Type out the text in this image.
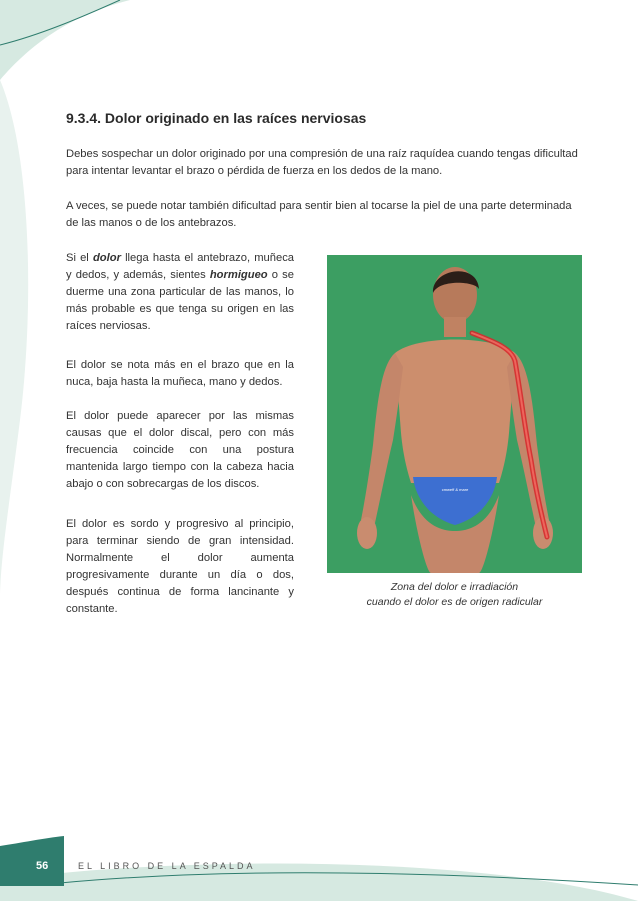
9.3.4. Dolor originado en las raíces nerviosas

Debes sospechar un dolor originado por una compresión de una raíz raquídea cuando tengas dificultad para intentar levantar el brazo o pérdida de fuerza en los dedos de la mano.

A veces, se puede notar también dificultad para sentir bien al tocarse la piel de una parte determinada de las manos o de los antebrazos.

Si el dolor llega hasta el antebrazo, muñeca y dedos, y además, sientes hormigueo o se duerme una zona particular de las manos, lo más probable es que tenga su origen en las raíces nerviosas.

El dolor se nota más en el brazo que en la nuca, baja hasta la muñeca, mano y dedos.

El dolor puede aparecer por las mismas causas que el dolor discal, pero con más frecuencia coincide con una postura mantenida largo tiempo con la cabeza hacia abajo o con sobrecargas de los discos.

El dolor es sordo y progresivo al principio, para terminar siendo de gran intensidad. Normalmente el dolor aumenta progresivamente durante un día o dos, después continua de forma lancinante y constante.

cmweff & mare

Zona del dolor e irradiación
cuando el dolor es de origen radicular

56	EL LIBRO DE LA ESPALDA
